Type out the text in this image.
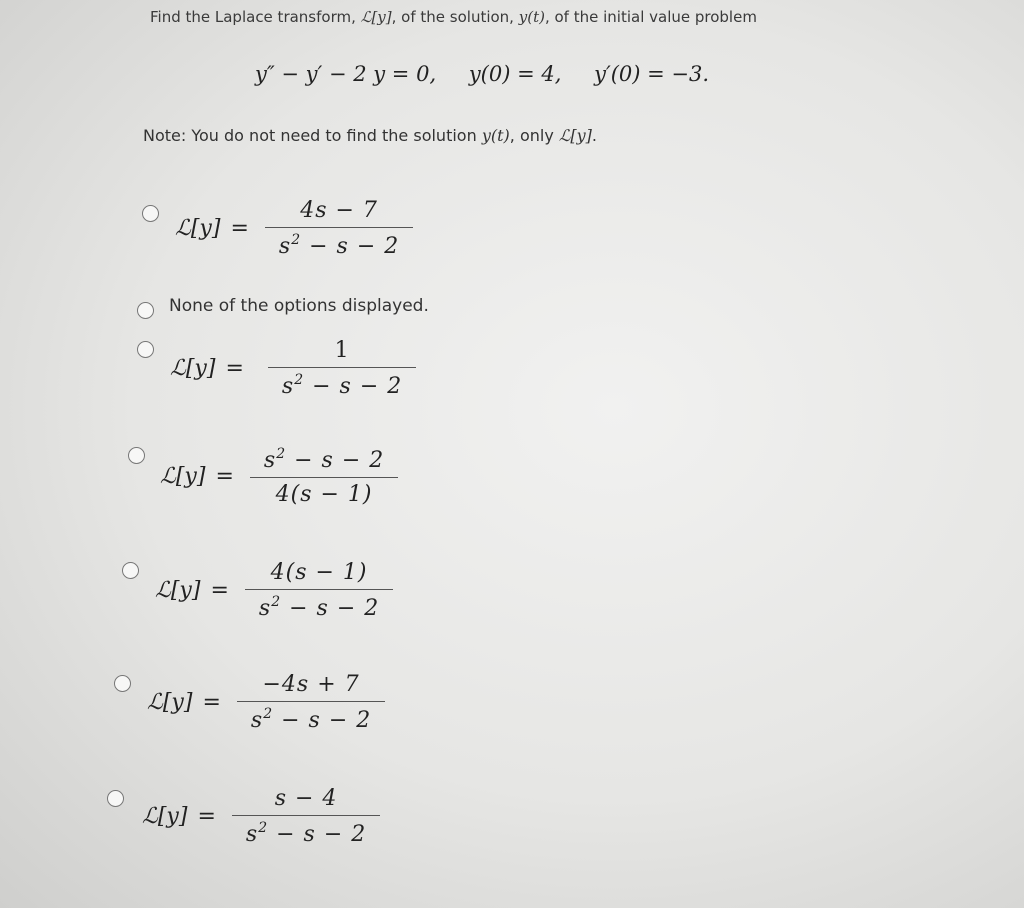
Find the Laplace transform, ℒ[y], of the solution, y(t), of the initial value problem
y″ − y′ − 2 y = 0, y(0) = 4, y′(0) = −3.
Note: You do not need to find the solution y(t), only ℒ[y].
ℒ[y] = $\frac{4s - 7}{s^2 - s - 2}$
None of the options displayed.
ℒ[y] =	$\frac{1}{s^2 - s - 2}$
ℒ[y] = $\frac{s^2 - s - 2}{4(s - 1)}$
ℒ[y] = $\frac{4(s - 1)}{s^2 - s - 2}$
ℒ[y] = $\frac{-4s + 7}{s^2 - s - 2}$
ℒ[y] = $\frac{s - 4}{s^2 - s - 2}$
